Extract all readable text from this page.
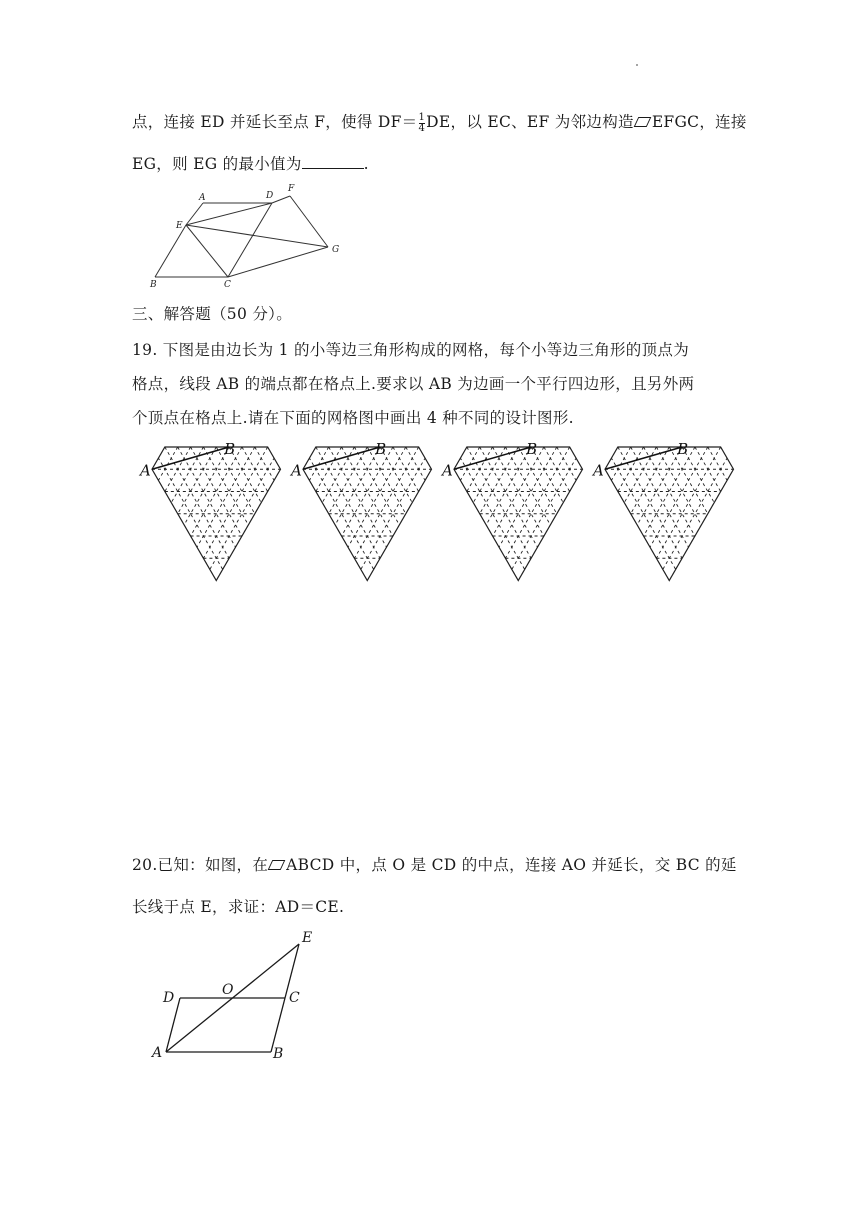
点，连接 ED 并延长至点 F，使得 $DF= \frac{1}{4}$ DE，以 EC、EF 为邻边构造 EFGC，连接
EG，则 EG 的最小值为	.
A	D
F
E
G
B	C
三、解答题（50 分）。
19. 下图是由边长为 1 的小等边三角形构成的网格，每个小等边三角形的顶点为
格点，线段 AB 的端点都在格点上.要求以 AB 为边画一个平行四边形，且另外两
个顶点在格点上.请在下面的网格图中画出 4 种不同的设计图形.
A
B
A
B
A
B
A
B
20.已知：如图，在 ABCD 中，点 O 是 CD 的中点，连接 AO 并延长，交 BC 的延
长线于点 E，求证：AD＝CE.
E
D	O	C
A	B
